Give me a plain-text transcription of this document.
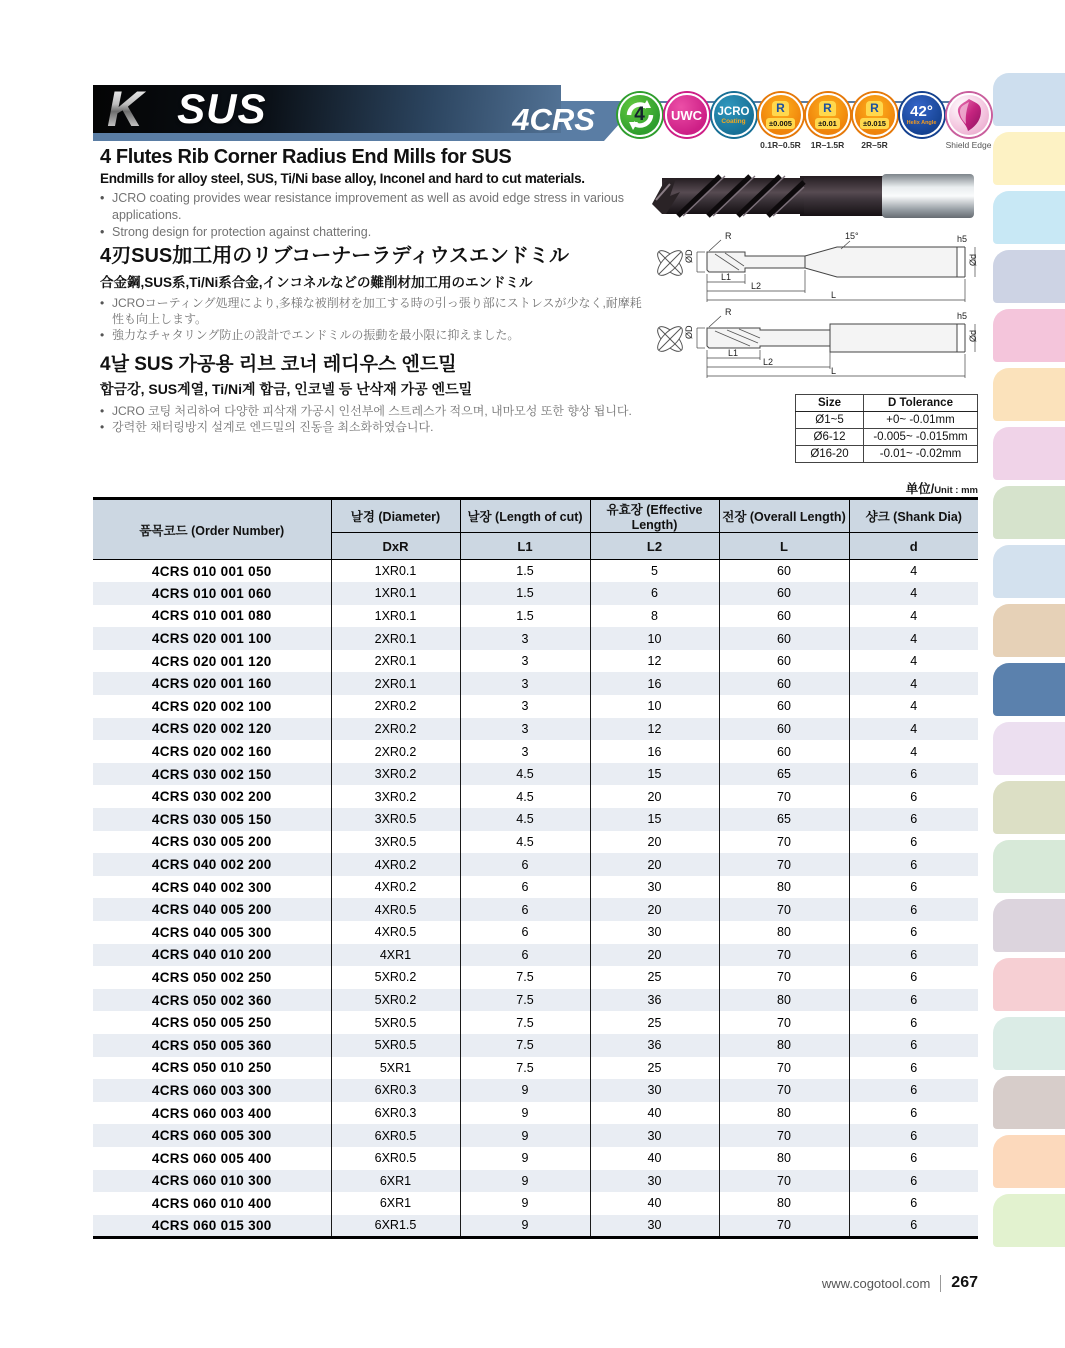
K SUS	4CRS 4 UWC JCRO
Coating
R
±0.005
0.1R–0.5R
R
±0.01
1R–1.5R
R
±0.015
2R–5R
42°
Helix Angle
Shield Edge
4 Flutes Rib Corner Radius End Mills for SUS
Endmills for alloy steel, SUS, Ti/Ni base alloy, Inconel and hard to cut materials.
• JCRO coating provides wear resistance improvement as well as avoid edge stress in various applications.
• Strong design for protection against chattering.
4刃SUS加工用のリブコーナーラディウスエンドミル
合金鋼,SUS系,Ti/Ni系合金,インコネルなどの難削材加工用のエンドミル
• JCROコーティング処理により,多様な被削材を加工する時の引っ張り部にストレスが少なく,耐摩耗性も向上します。
• 強力なチャタリング防止の設計でエンドミルの振動を最小限に抑えました。
4날 SUS 가공용 리브 코너 레디우스 엔드밀
합금강, SUS계열, Ti/Ni계 합금, 인코넬 등 난삭재 가공 엔드밀
• JCRO 코팅 처리하여 다양한 피삭재 가공시 인선부에 스트레스가 적으며, 내마모성 또한 향상 됩니다.
• 강력한 채터링방지 설계로 엔드밀의 진동을 최소화하였습니다.
R
ØD
L1
L2
L
15°	h5
Ød
R
ØD
L1
L2
L
h5
Ød
Size	D Tolerance
Ø1~5	+0~ -0.01mm
Ø6-12	-0.005~ -0.015mm
Ø16-20	-0.01~ -0.02mm
单位/Unit : mm
품목코드 (Order Number)	날경 (Diameter)	날장 (Length of cut)	유효장 (Effective Length)	전장 (Overall Length)	샹크 (Shank Dia)
	DxR	L1	L2	L	d
4CRS 010 001 050	1XR0.1	1.5	5	60	4
4CRS 010 001 060	1XR0.1	1.5	6	60	4
4CRS 010 001 080	1XR0.1	1.5	8	60	4
4CRS 020 001 100	2XR0.1	3	10	60	4
4CRS 020 001 120	2XR0.1	3	12	60	4
4CRS 020 001 160	2XR0.1	3	16	60	4
4CRS 020 002 100	2XR0.2	3	10	60	4
4CRS 020 002 120	2XR0.2	3	12	60	4
4CRS 020 002 160	2XR0.2	3	16	60	4
4CRS 030 002 150	3XR0.2	4.5	15	65	6
4CRS 030 002 200	3XR0.2	4.5	20	70	6
4CRS 030 005 150	3XR0.5	4.5	15	65	6
4CRS 030 005 200	3XR0.5	4.5	20	70	6
4CRS 040 002 200	4XR0.2	6	20	70	6
4CRS 040 002 300	4XR0.2	6	30	80	6
4CRS 040 005 200	4XR0.5	6	20	70	6
4CRS 040 005 300	4XR0.5	6	30	80	6
4CRS 040 010 200	4XR1	6	20	70	6
4CRS 050 002 250	5XR0.2	7.5	25	70	6
4CRS 050 002 360	5XR0.2	7.5	36	80	6
4CRS 050 005 250	5XR0.5	7.5	25	70	6
4CRS 050 005 360	5XR0.5	7.5	36	80	6
4CRS 050 010 250	5XR1	7.5	25	70	6
4CRS 060 003 300	6XR0.3	9	30	70	6
4CRS 060 003 400	6XR0.3	9	40	80	6
4CRS 060 005 300	6XR0.5	9	30	70	6
4CRS 060 005 400	6XR0.5	9	40	80	6
4CRS 060 010 300	6XR1	9	30	70	6
4CRS 060 010 400	6XR1	9	40	80	6
4CRS 060 015 300	6XR1.5	9	30	70	6
www.cogotool.com 267
